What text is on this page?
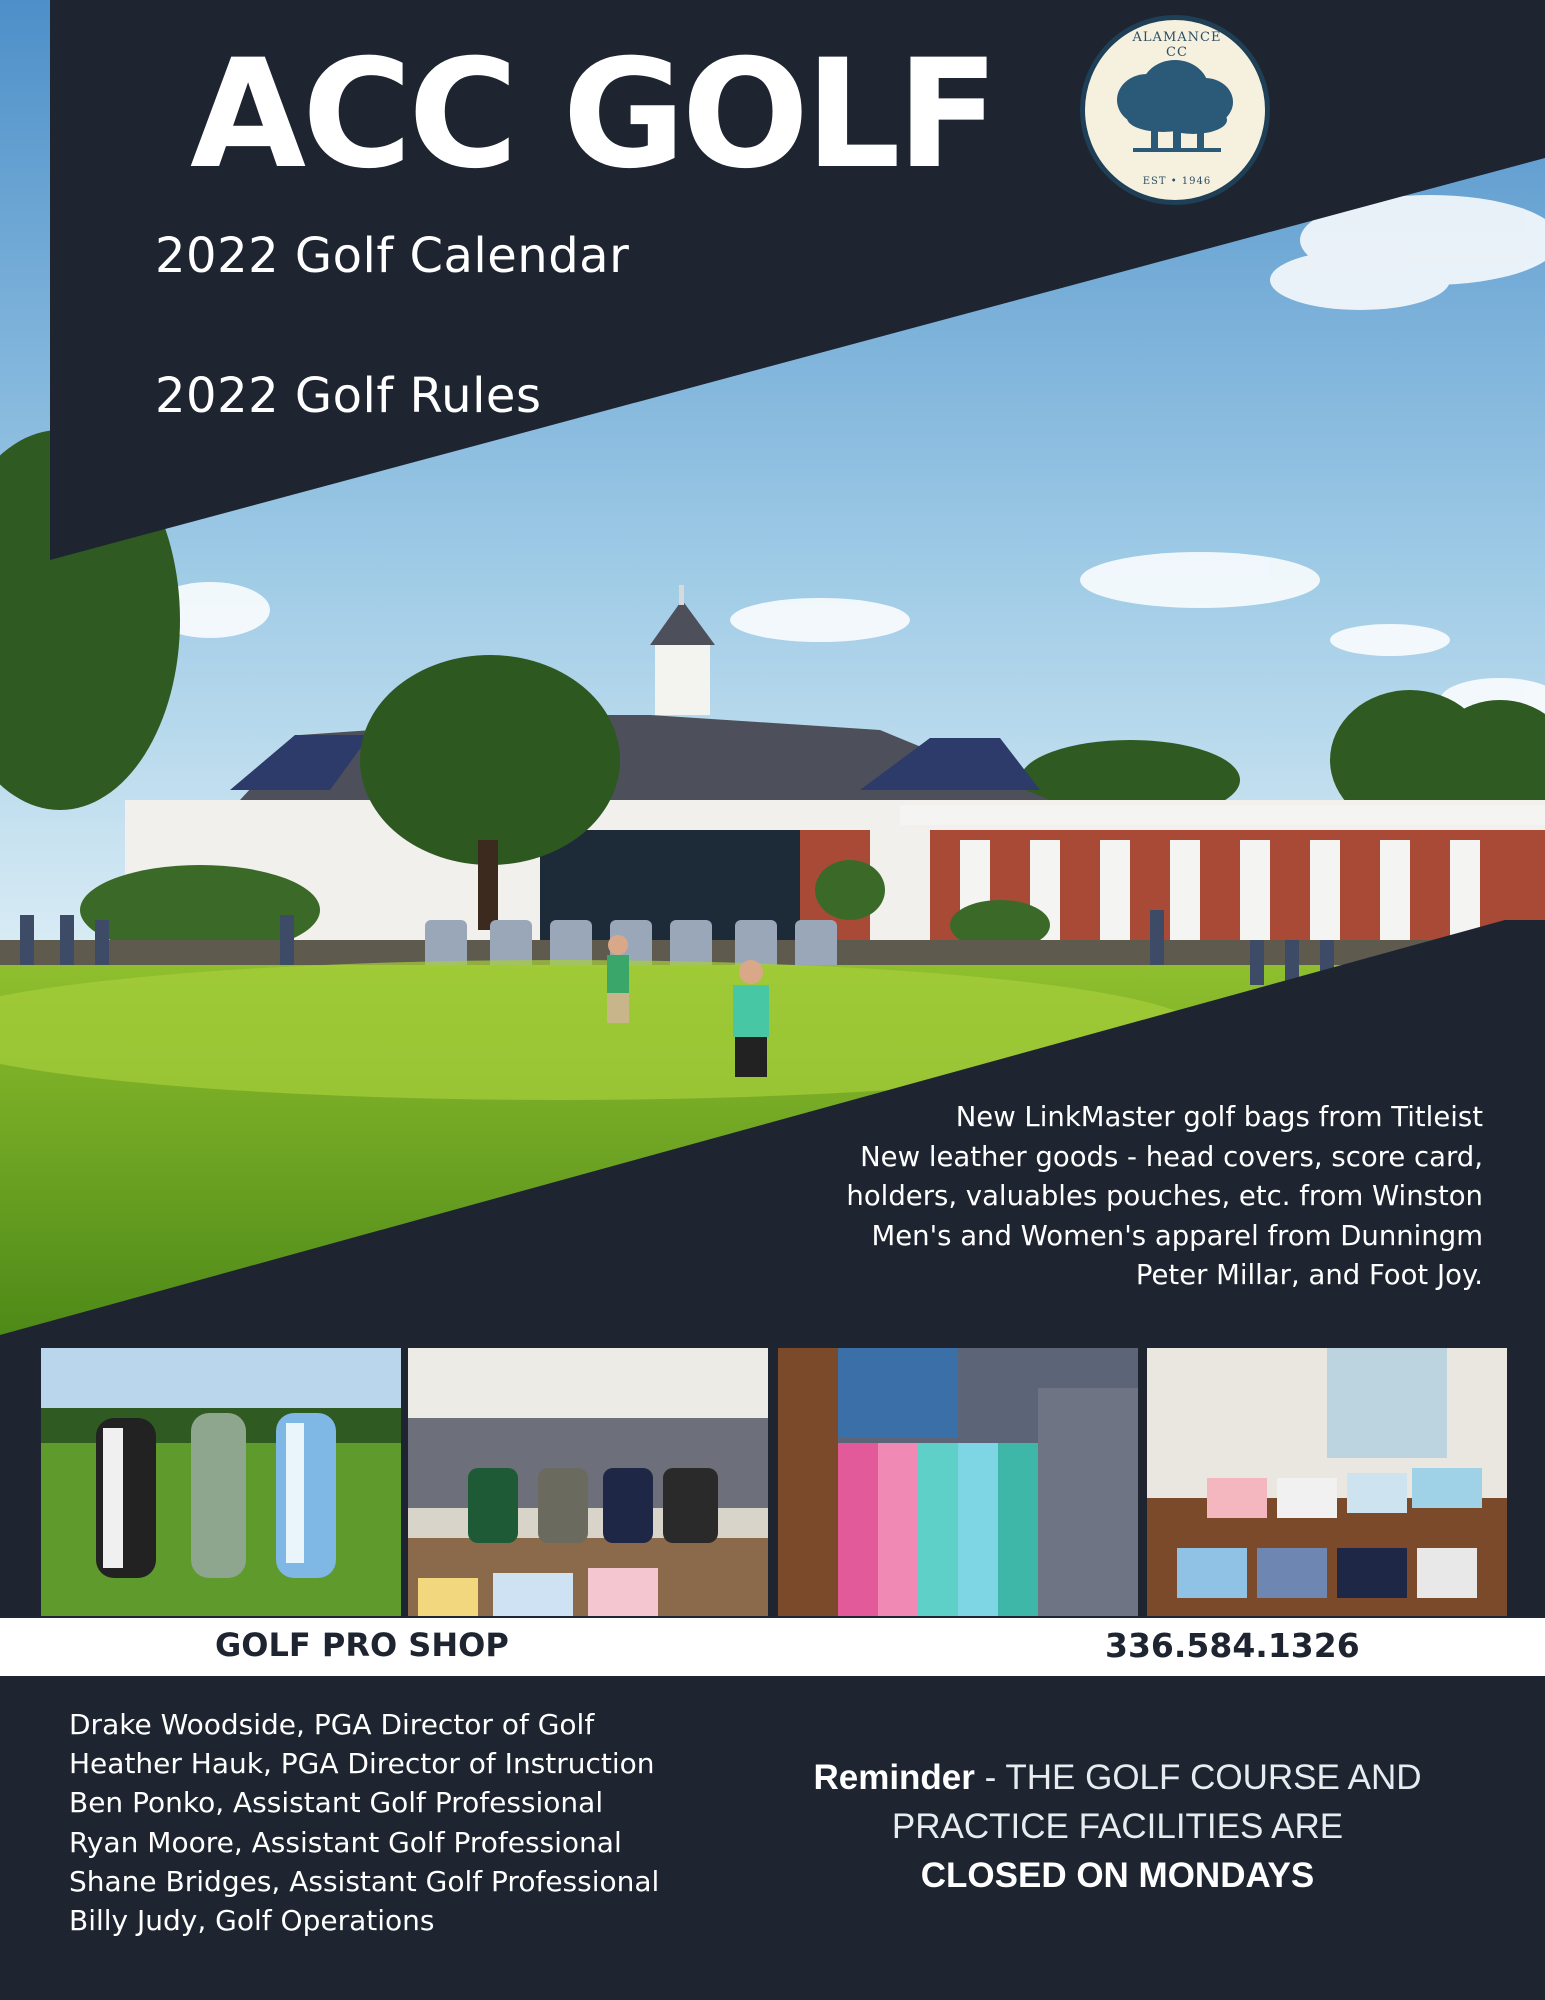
ACC GOLF
2022 Golf Calendar
2022 Golf Rules
ALAMANCE CC
EST • 1946
New LinkMaster golf bags from Titleist
New leather goods - head covers, score card,
holders, valuables pouches, etc. from Winston
Men's and Women's apparel from Dunningm
Peter Millar, and Foot Joy.
GOLF PRO SHOP	336.584.1326
Drake Woodside, PGA Director of Golf
Heather Hauk, PGA Director of Instruction
Ben Ponko, Assistant Golf Professional
Ryan Moore, Assistant Golf Professional
Shane Bridges, Assistant Golf Professional
Billy Judy, Golf Operations
Reminder - THE GOLF COURSE AND
PRACTICE FACILITIES ARE
CLOSED ON MONDAYS
